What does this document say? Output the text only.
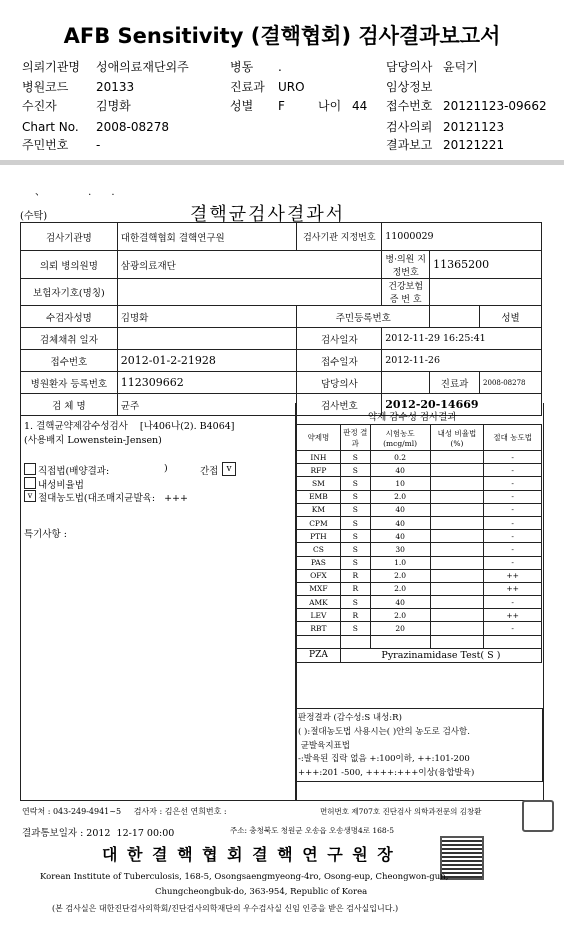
AFB Sensitivity (결핵협회) 검사결과보고서
의뢰기관명 성애의료재단외주	병동 .	담당의사 윤덕기
병원코드 20133	진료과 URO	임상정보
수진자	김명화	성별 F	나이 44 접수번호 20121123-09662
Chart No. 2008-08278	검사의뢰 20121123
주민번호 -	결과보고 20121221
、 ..
(수탁)	결핵균검사결과서
검사기관명	대한결핵협회 결핵연구원	검사기관 지정번호	11000029		
의뢰 병의원명	삼광의료재단		병·의원 지정번호	11365200	
보험자기호(명칭)			건강보험 증 번 호		
수검자성명	김명화	주민등록번호			성별
검체채취 일자		검사일자	2012-11-29 16:25:41		
접수번호	2012-01-2-21928	접수일자	2012-11-26		
병원환자 등록번호	112309662	담당의사		진료과	2008-08278
검 체 명	균주	검사번호	2012-20-14669		
1. 결핵균약제감수성검사    [나406나(2). B4064]
(사용배지 Lowenstein-Jensen)
직접법(배양결과:	)	간접 v
내성비율법
v 절대농도법(대조매지균발육:   +++
특기사항 :
약제 감수성 검사결과
약제명	판정 결과	시험농도 (mcg/ml)	내성 비율법(%)	절대 농도법
INH	S	0.2		-
RFP	S	40		-
SM	S	10		-
EMB	S	2.0		-
KM	S	40		-
CPM	S	40		-
PTH	S	40		-
CS	S	30		-
PAS	S	1.0		-
OFX	R	2.0		++
MXF	R	2.0		++
AMK	S	40		-
LEV	R	2.0		++
RBT	S	20		-

PZA	Pyrazinamidase Test( S )			
판정결과 (감수성:S 내성:R)
( ):절대농도법 사용시는( )안의 농도로 검사함.
균발육지표법
-:발육된 집락 없음 +:100이하, ++:101-200
+++:201 -500, ++++:+++이상(융합발육)
연락처 : 043-249-4941~5     검사자 : 김은선 연희번호 :	면허번호 제707호 진단검사 의학과전문의 김창환
결과통보일자 : 2012  12-17 00:00	주소: 충청북도 청원군 오송읍 오송생명4로 168-5
대 한 결 핵 협 회 결 핵 연 구 원 장
Korean Institute of Tuberculosis, 168-5, Osongsaengmyeong-4ro, Osong-eup, Cheongwon-gun,
Chungcheongbuk-do, 363-954, Republic of Korea
(본 검사실은 대한진단검사의학회/진단검사의학재단의 우수검사실 신임 인증을 받은 검사실입니다.)
